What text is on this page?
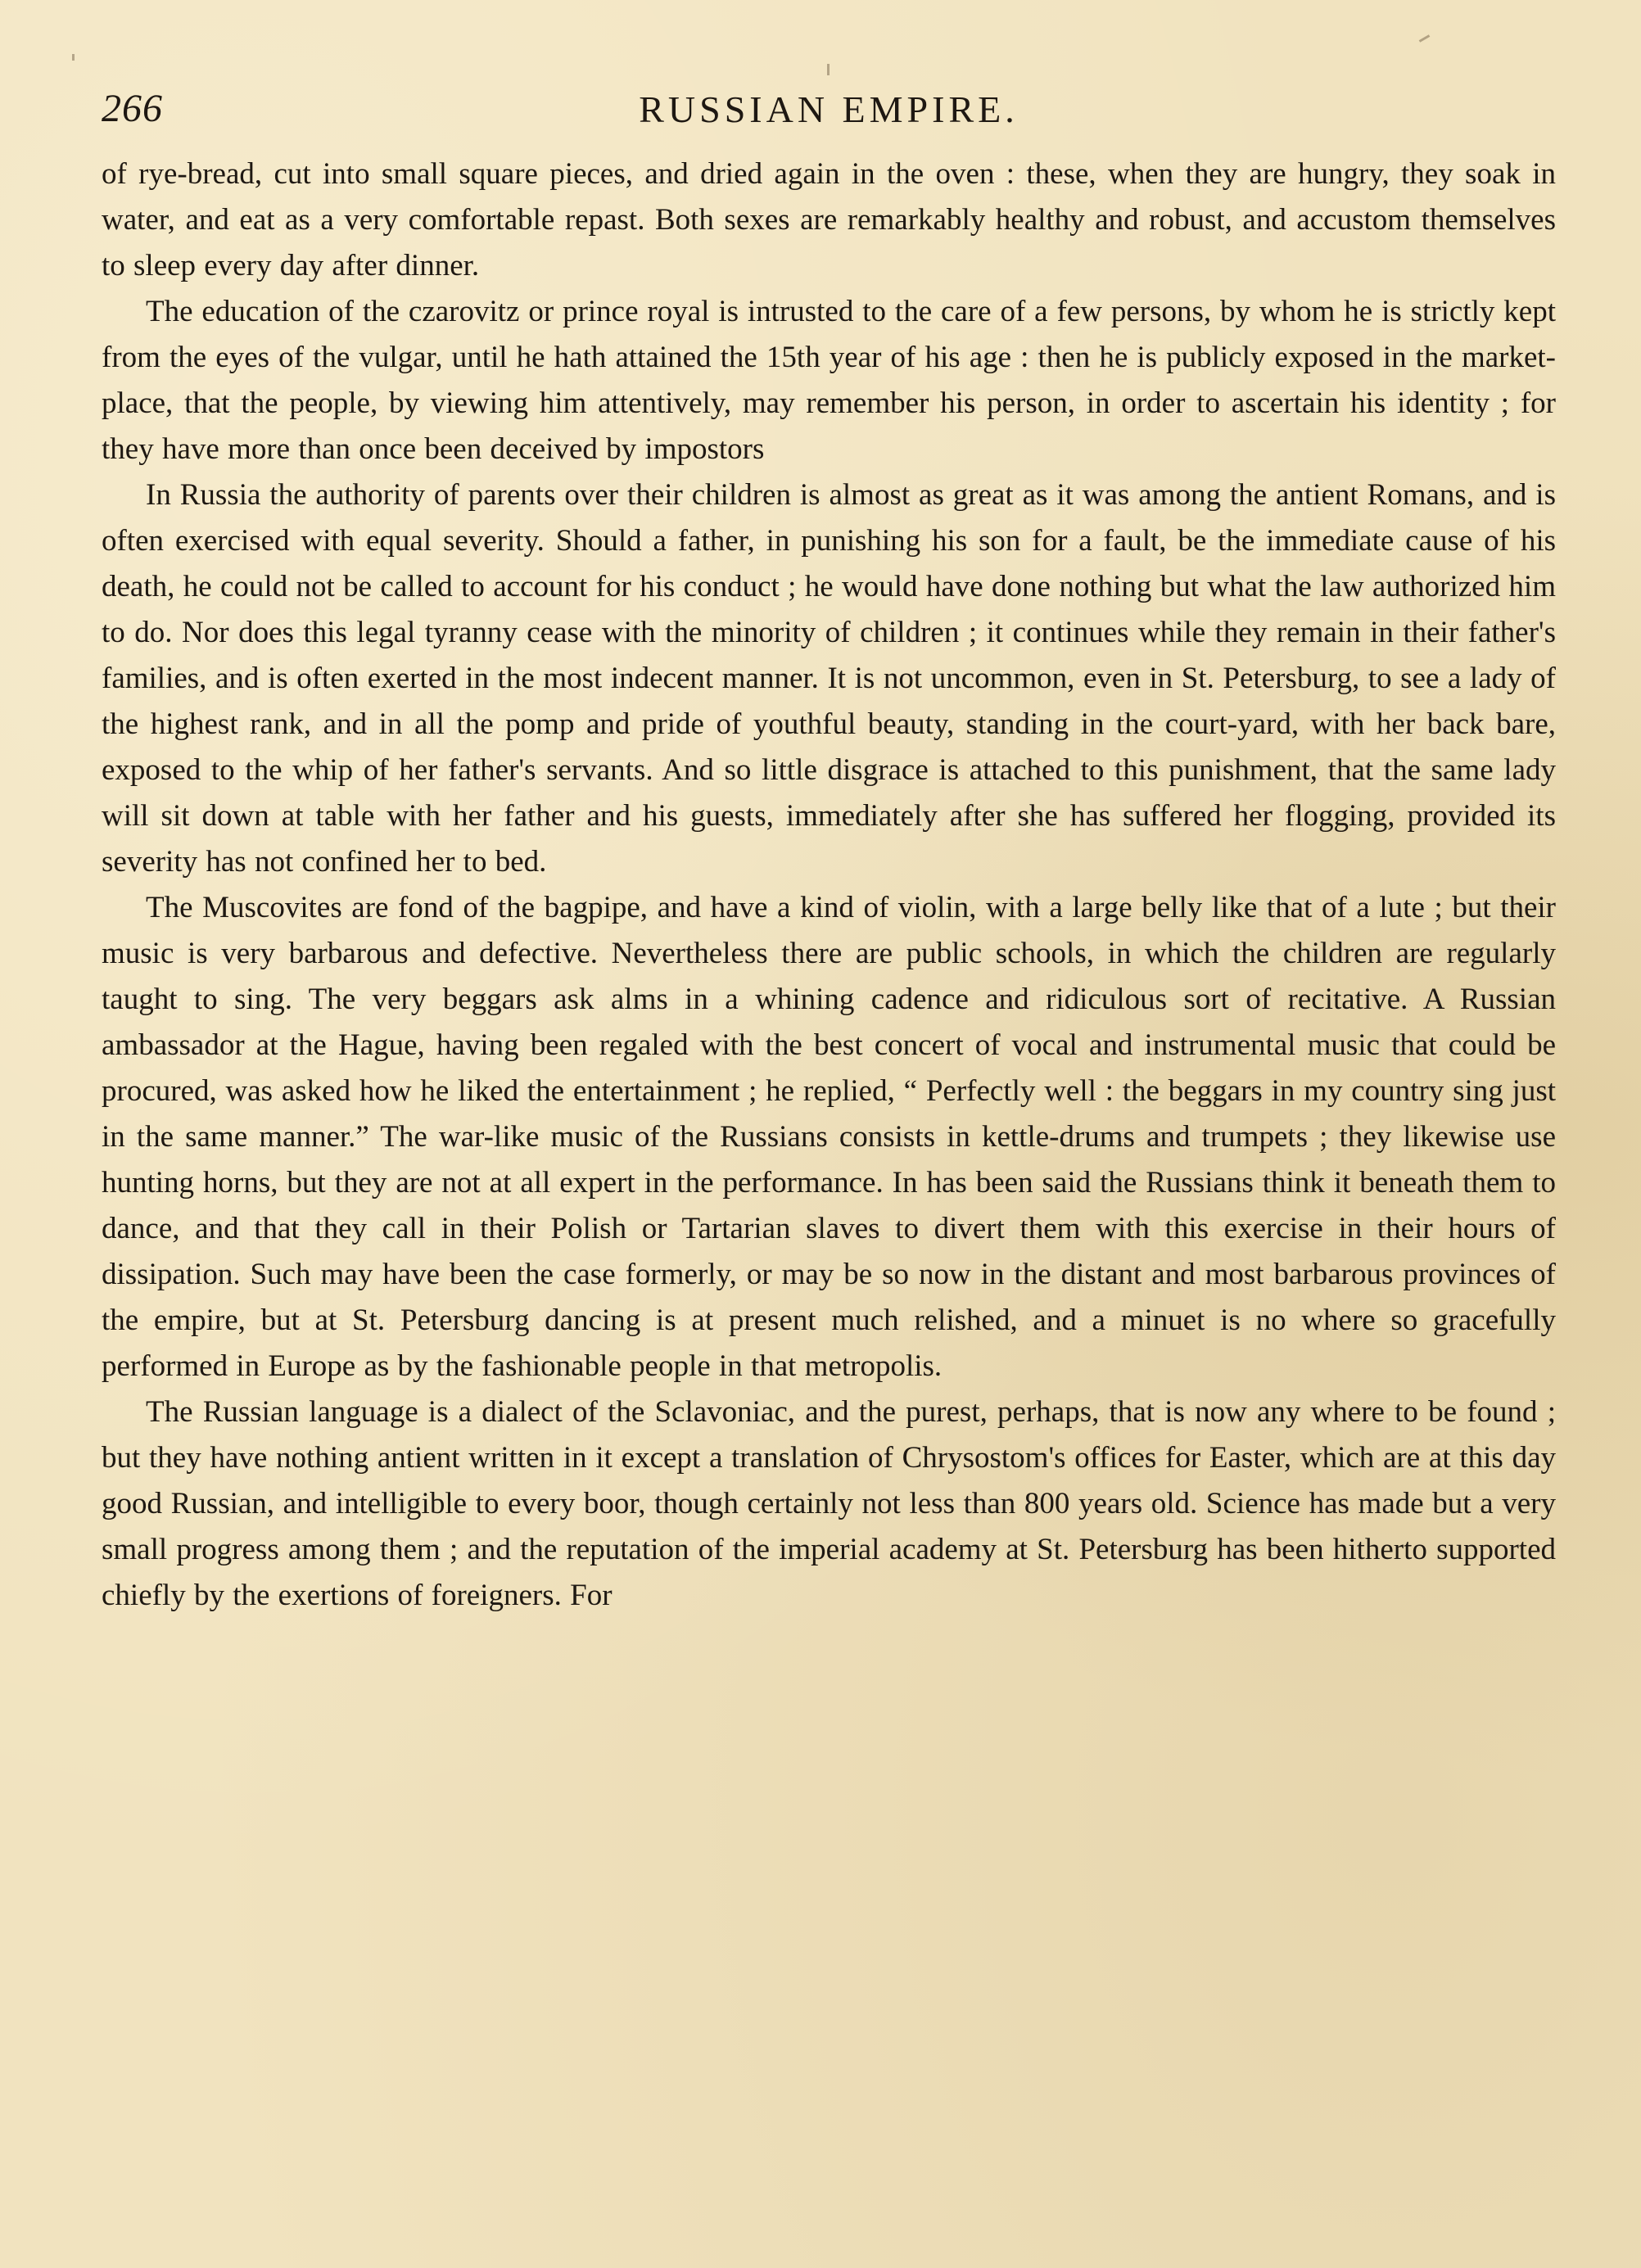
266	RUSSIAN EMPIRE.

of rye-bread, cut into small square pieces, and dried again in the oven : these, when they are hungry, they soak in water, and eat as a very comfortable repast. Both sexes are remarkably healthy and robust, and accustom themselves to sleep every day after dinner.

The education of the czarovitz or prince royal is intrusted to the care of a few persons, by whom he is strictly kept from the eyes of the vulgar, until he hath attained the 15th year of his age : then he is publicly exposed in the market-place, that the people, by viewing him attentively, may remember his person, in order to ascertain his identity ; for they have more than once been deceived by impostors

In Russia the authority of parents over their children is almost as great as it was among the antient Romans, and is often exercised with equal severity. Should a father, in punishing his son for a fault, be the immediate cause of his death, he could not be called to account for his conduct ; he would have done nothing but what the law authorized him to do. Nor does this legal tyranny cease with the minority of children ; it continues while they remain in their father's families, and is often exerted in the most indecent manner. It is not uncommon, even in St. Petersburg, to see a lady of the highest rank, and in all the pomp and pride of youthful beauty, standing in the court-yard, with her back bare, exposed to the whip of her father's servants. And so little disgrace is attached to this punishment, that the same lady will sit down at table with her father and his guests, immediately after she has suffered her flogging, provided its severity has not confined her to bed.

The Muscovites are fond of the bagpipe, and have a kind of violin, with a large belly like that of a lute ; but their music is very barbarous and defective. Nevertheless there are public schools, in which the children are regularly taught to sing. The very beggars ask alms in a whining cadence and ridiculous sort of recitative. A Russian ambassador at the Hague, having been regaled with the best concert of vocal and instrumental music that could be procured, was asked how he liked the entertainment ; he replied, “ Perfectly well : the beggars in my country sing just in the same manner.” The war-like music of the Russians consists in kettle-drums and trumpets ; they likewise use hunting horns, but they are not at all expert in the performance. In has been said the Russians think it beneath them to dance, and that they call in their Polish or Tartarian slaves to divert them with this exercise in their hours of dissipation. Such may have been the case formerly, or may be so now in the distant and most barbarous provinces of the empire, but at St. Petersburg dancing is at present much relished, and a minuet is no where so gracefully performed in Europe as by the fashionable people in that metropolis.

The Russian language is a dialect of the Sclavoniac, and the purest, perhaps, that is now any where to be found ; but they have nothing antient written in it except a translation of Chrysostom's offices for Easter, which are at this day good Russian, and intelligible to every boor, though certainly not less than 800 years old. Science has made but a very small progress among them ; and the reputation of the imperial academy at St. Petersburg has been hitherto supported chiefly by the exertions of foreigners. For
